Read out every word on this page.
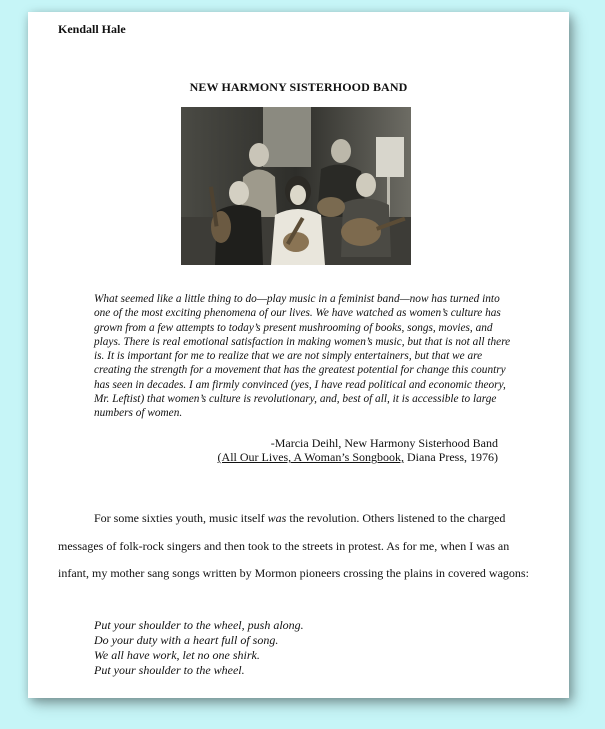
Kendall Hale
NEW HARMONY SISTERHOOD BAND

What seemed like a little thing to do—play music in a feminist band—now has turned into one of the most exciting phenomena of our lives. We have watched as women’s culture has grown from a few attempts to today’s present mushrooming of books, songs, movies, and plays. There is real emotional satisfaction in making women’s music, but that is not all there is. It is important for me to realize that we are not simply entertainers, but that we are creating the strength for a movement that has the greatest potential for change this country has seen in decades. I am firmly convinced (yes, I have read political and economic theory, Mr. Leftist) that women’s culture is revolutionary, and, best of all, it is accessible to large numbers of women.

-Marcia Deihl, New Harmony Sisterhood Band
(All Our Lives, A Woman’s Songbook, Diana Press, 1976)

For some sixties youth, music itself was the revolution. Others listened to the charged messages of folk-rock singers and then took to the streets in protest. As for me, when I was an infant, my mother sang songs written by Mormon pioneers crossing the plains in covered wagons:

Put your shoulder to the wheel, push along.
Do your duty with a heart full of song.
We all have work, let no one shirk.
Put your shoulder to the wheel.
